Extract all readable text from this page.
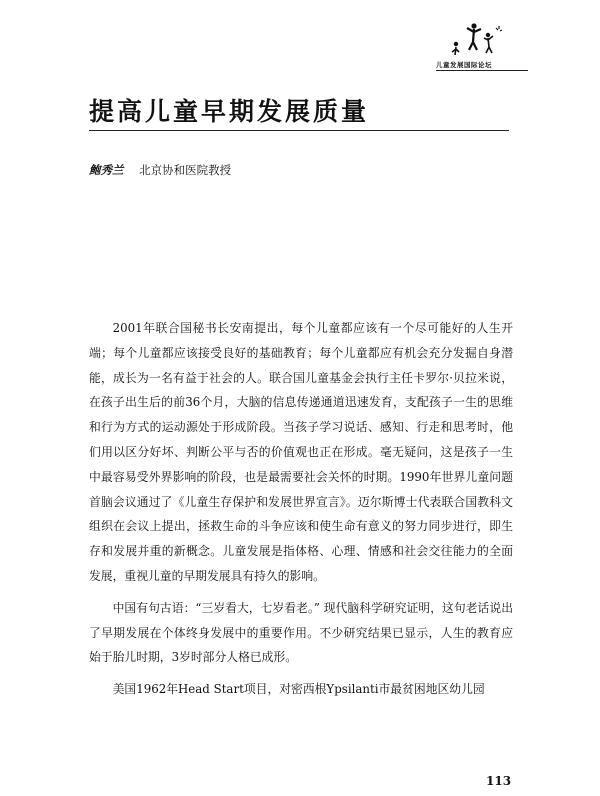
儿童发展国际论坛
提高儿童早期发展质量
鲍秀兰 北京协和医院教授

2001年联合国秘书长安南提出，每个儿童都应该有一个尽可能好的人生开端；每个儿童都应该接受良好的基础教育；每个儿童都应有机会充分发掘自身潜能，成长为一名有益于社会的人。联合国儿童基金会执行主任卡罗尔·贝拉米说，在孩子出生后的前36个月，大脑的信息传递通道迅速发育，支配孩子一生的思维和行为方式的运动源处于形成阶段。当孩子学习说话、感知、行走和思考时，他们用以区分好坏、判断公平与否的价值观也正在形成。毫无疑问，这是孩子一生中最容易受外界影响的阶段，也是最需要社会关怀的时期。1990年世界儿童问题首脑会议通过了《儿童生存保护和发展世界宣言》。迈尔斯博士代表联合国教科文组织在会议上提出，拯救生命的斗争应该和使生命有意义的努力同步进行，即生存和发展并重的新概念。儿童发展是指体格、心理、情感和社会交往能力的全面发展，重视儿童的早期发展具有持久的影响。

中国有句古语：“三岁看大，七岁看老。” 现代脑科学研究证明，这句老话说出了早期发展在个体终身发展中的重要作用。不少研究结果已显示，人生的教育应始于胎儿时期，3岁时部分人格已成形。

美国1962年Head Start项目，对密西根Ypsilanti市最贫困地区幼儿园

113
